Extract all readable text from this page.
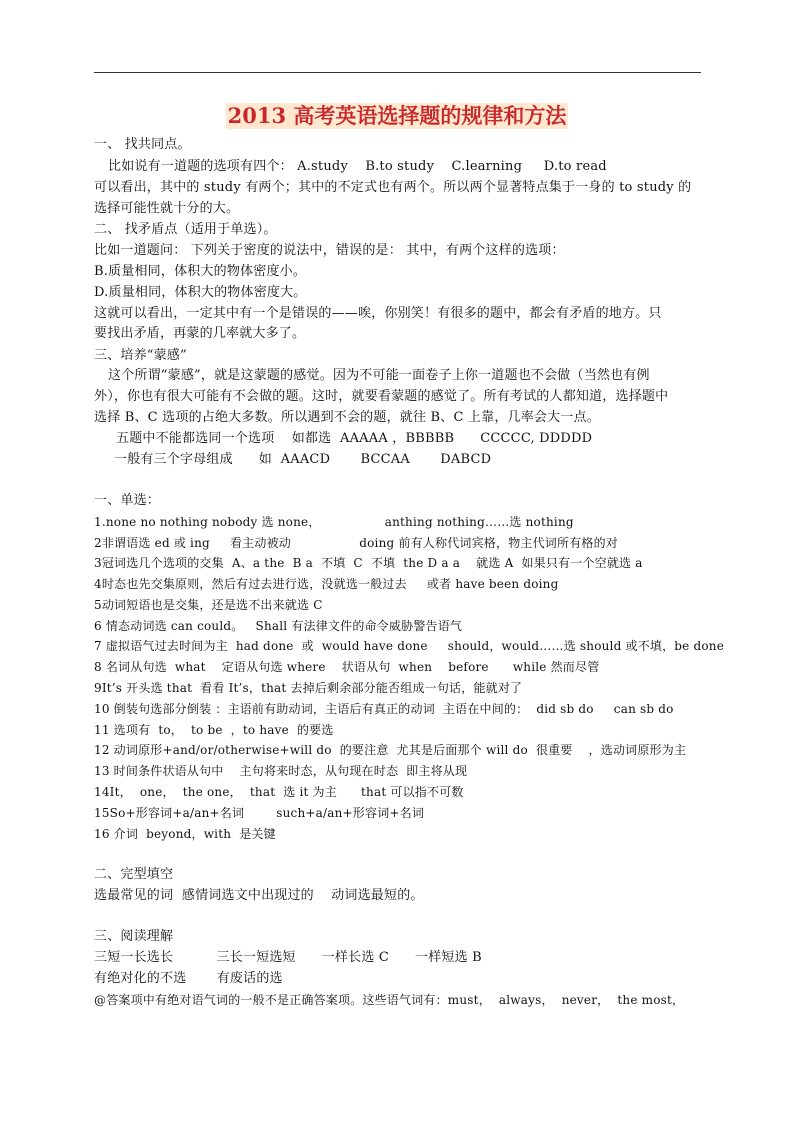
2013 高考英语选择题的规律和方法
一、 找共同点。
比如说有一道题的选项有四个： A.study    B.to study    C.learning     D.to read
可以看出，其中的 study 有两个；其中的不定式也有两个。所以两个显著特点集于一身的 to study 的
选择可能性就十分的大。
二、 找矛盾点（适用于单选）。
比如一道题问： 下列关于密度的说法中，错误的是： 其中，有两个这样的选项：
B.质量相同，体积大的物体密度小。
D.质量相同，体积大的物体密度大。
这就可以看出，一定其中有一个是错误的——唉，你别笑！有很多的题中，都会有矛盾的地方。只
要找出矛盾，再蒙的几率就大多了。
三、培养“蒙感”
这个所谓“蒙感”，就是这蒙题的感觉。因为不可能一面卷子上你一道题也不会做（当然也有例
外），你也有很大可能有不会做的题。这时，就要看蒙题的感觉了。所有考试的人都知道，选择题中
选择 B、C 选项的占绝大多数。所以遇到不会的题，就往 B、C 上靠，几率会大一点。
五题中不能都选同一个选项    如都选  AAAAA ，BBBBB      CCCCC, DDDDD
一般有三个字母组成      如  AAACD       BCCAA       DABCD
一、单选：
1.none no nothing nobody 选 none，                anthing nothing……选 nothing
2非谓语选 ed 或 ing     看主动被动                 doing 前有人称代词宾格，物主代词所有格的对
3冠词选几个选项的交集  A、a the  B a  不填  C  不填  the D a a    就选 A  如果只有一个空就选 a
4时态也先交集原则，然后有过去进行选，没就选一般过去     或者 have been doing
5动词短语也是交集，还是选不出来就选 C
6 情态动词选 can could。   Shall 有法律文件的命令威胁警告语气
7 虚拟语气过去时间为主  had done  或  would have done     should，would……选 should 或不填，be done
8 名词从句选  what    定语从句选 where    状语从句  when    before      while 然而尽管
9It’s 开头选 that  看看 It’s，that 去掉后剩余部分能否组成一句话，能就对了
10 倒装句选部分倒装 ：主语前有助动词，主语后有真正的动词  主语在中间的：  did sb do     can sb do
11 选项有  to，  to be  ，to have  的要选
12 动词原形+and/or/otherwise+will do  的要注意  尤其是后面那个 will do  很重要    ，选动词原形为主
13 时间条件状语从句中    主句将来时态，从句现在时态  即主将从现
14It，  one，  the one，  that  选 it 为主      that 可以指不可数
15So+形容词+a/an+名词        such+a/an+形容词+名词
16 介词  beyond，with  是关键
二、完型填空
选最常见的词  感情词选文中出现过的    动词选最短的。
三、阅读理解
三短一长选长          三长一短选短      一样长选 C      一样短选 B
有绝对化的不选       有废话的选
@答案项中有绝对语气词的一般不是正确答案项。这些语气词有：must，  always，  never，  the most，
